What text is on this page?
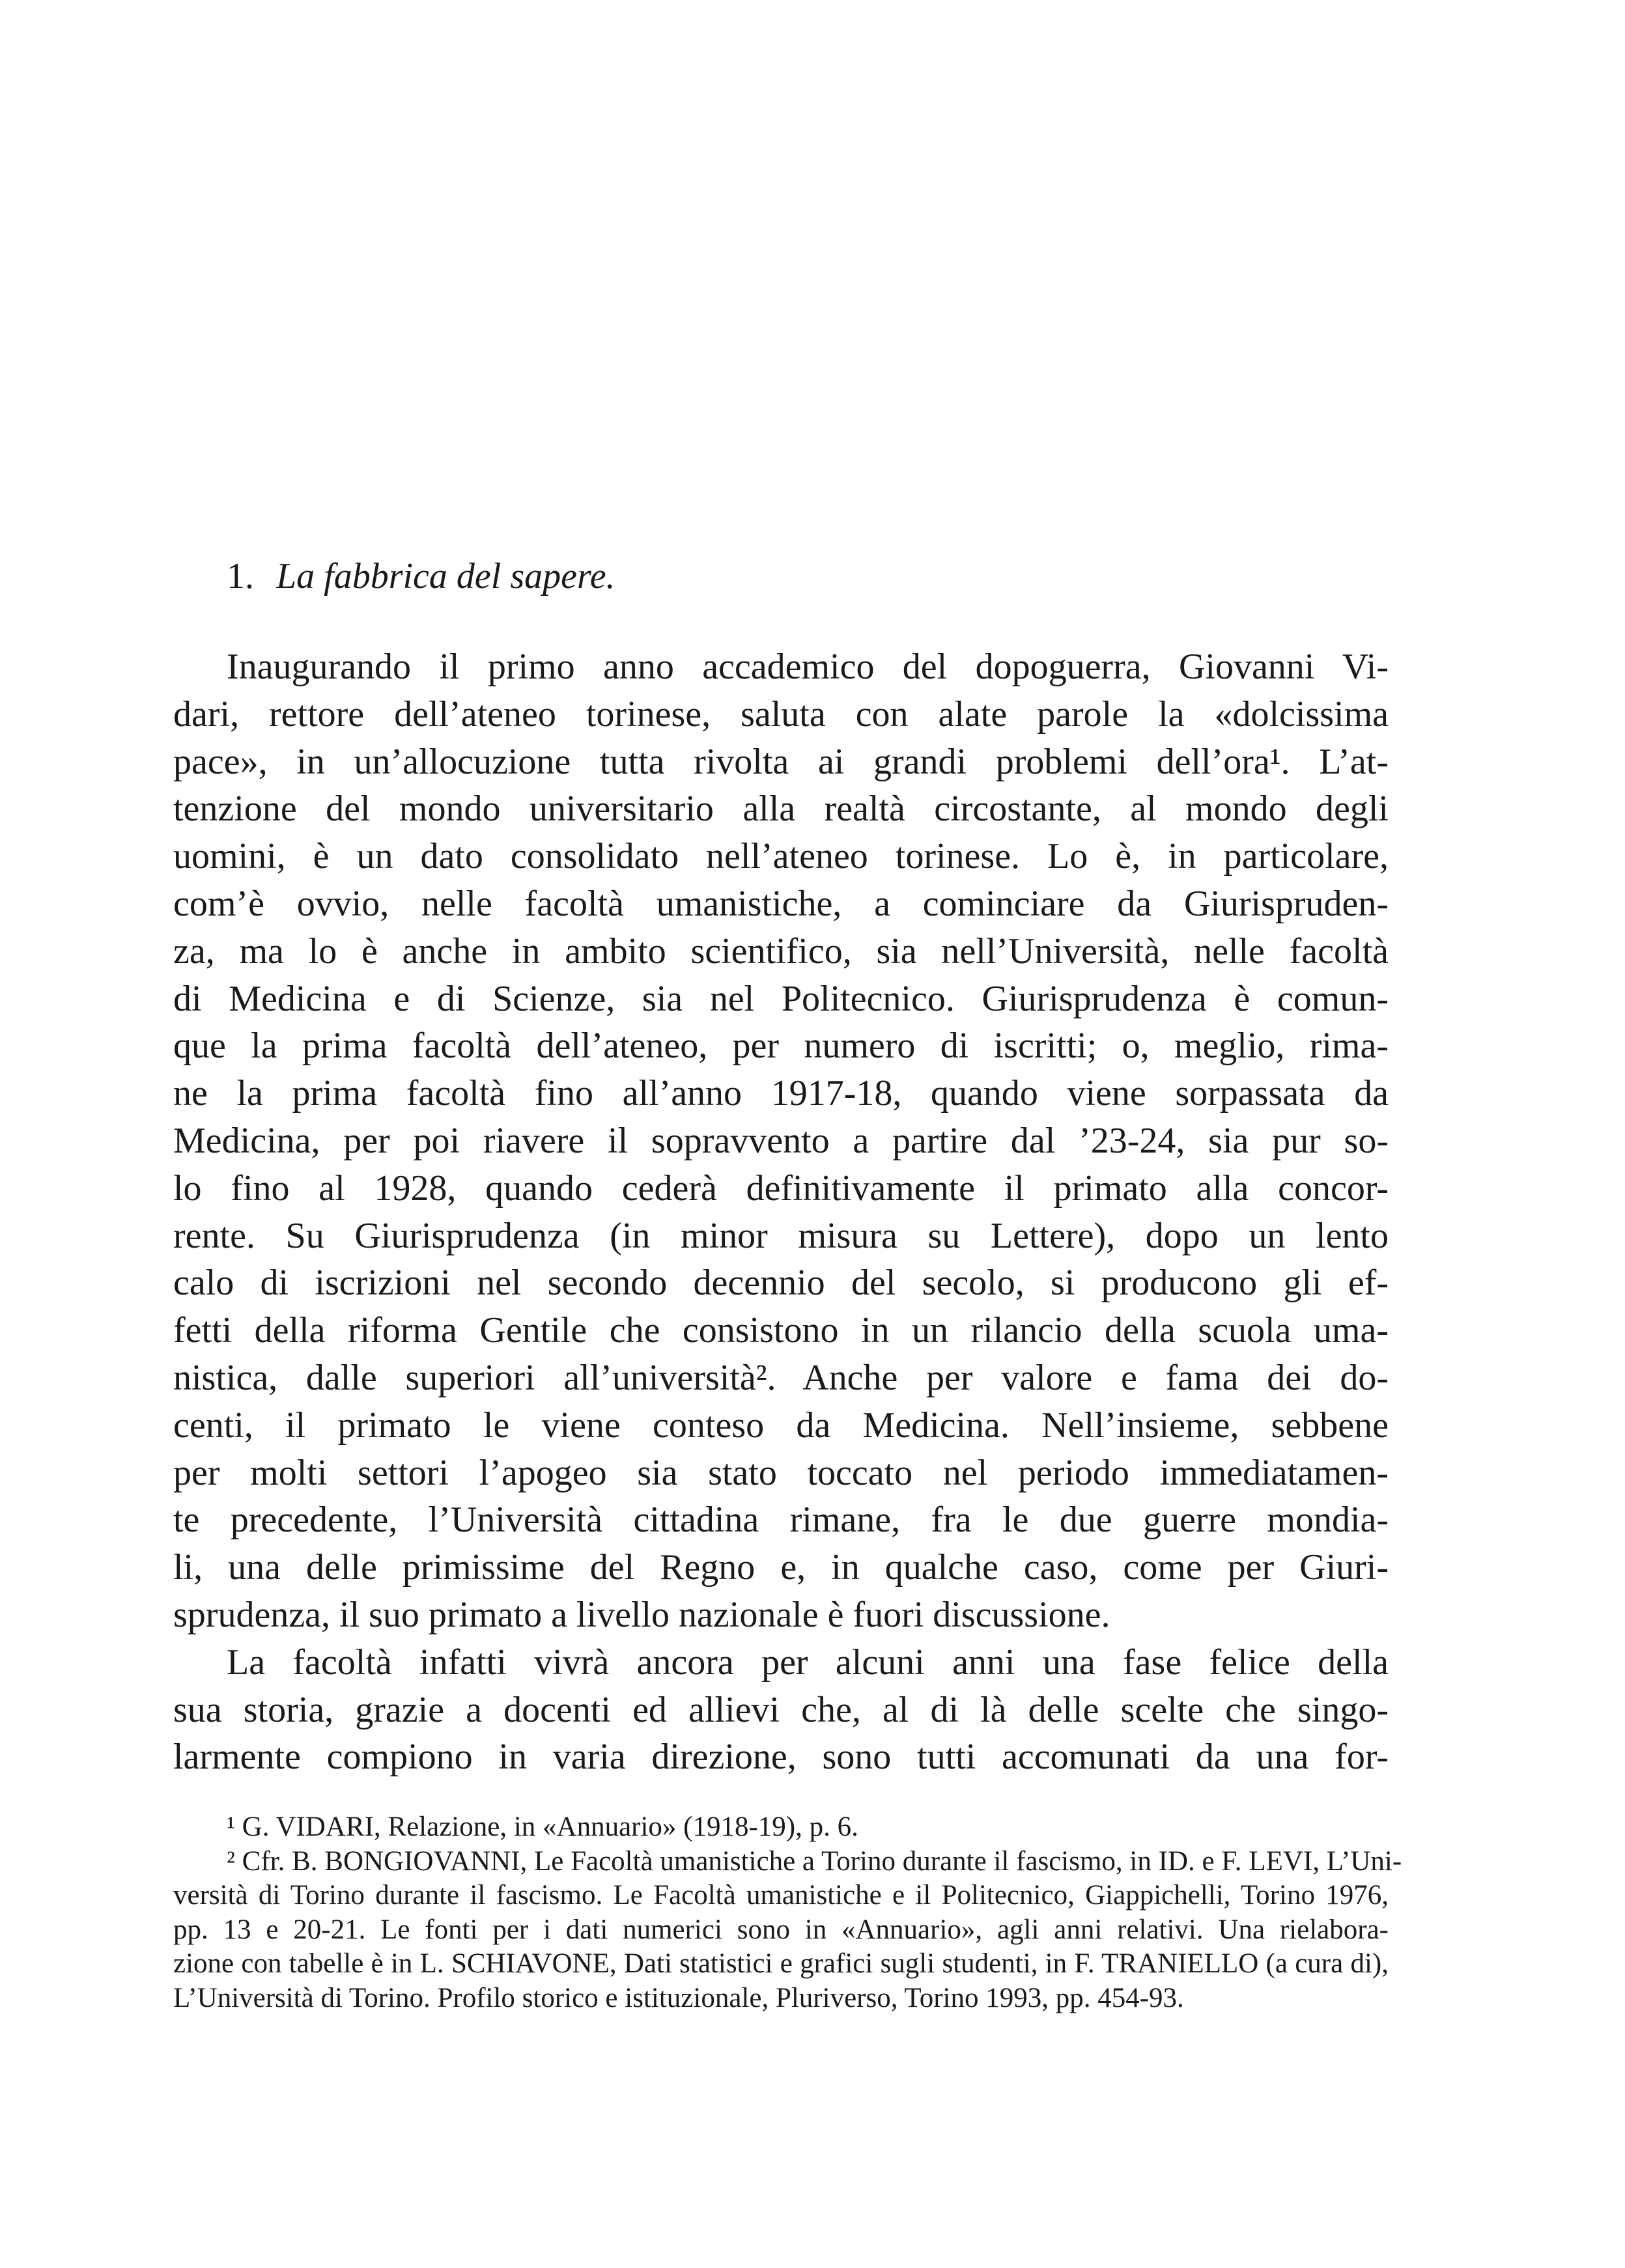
1. La fabbrica del sapere.
Inaugurando il primo anno accademico del dopoguerra, Giovanni Vi-
dari, rettore dell’ateneo torinese, saluta con alate parole la «dolcissima
pace», in un’allocuzione tutta rivolta ai grandi problemi dell’ora¹. L’at-
tenzione del mondo universitario alla realtà circostante, al mondo degli
uomini, è un dato consolidato nell’ateneo torinese. Lo è, in particolare,
com’è ovvio, nelle facoltà umanistiche, a cominciare da Giurispruden-
za, ma lo è anche in ambito scientifico, sia nell’Università, nelle facoltà
di Medicina e di Scienze, sia nel Politecnico. Giurisprudenza è comun-
que la prima facoltà dell’ateneo, per numero di iscritti; o, meglio, rima-
ne la prima facoltà fino all’anno 1917-18, quando viene sorpassata da
Medicina, per poi riavere il sopravvento a partire dal ’23-24, sia pur so-
lo fino al 1928, quando cederà definitivamente il primato alla concor-
rente. Su Giurisprudenza (in minor misura su Lettere), dopo un lento
calo di iscrizioni nel secondo decennio del secolo, si producono gli ef-
fetti della riforma Gentile che consistono in un rilancio della scuola uma-
nistica, dalle superiori all’università². Anche per valore e fama dei do-
centi, il primato le viene conteso da Medicina. Nell’insieme, sebbene
per molti settori l’apogeo sia stato toccato nel periodo immediatamen-
te precedente, l’Università cittadina rimane, fra le due guerre mondia-
li, una delle primissime del Regno e, in qualche caso, come per Giuri-
sprudenza, il suo primato a livello nazionale è fuori discussione.
La facoltà infatti vivrà ancora per alcuni anni una fase felice della
sua storia, grazie a docenti ed allievi che, al di là delle scelte che singo-
larmente compiono in varia direzione, sono tutti accomunati da una for-
¹ G. VIDARI, Relazione, in «Annuario» (1918-19), p. 6.
² Cfr. B. BONGIOVANNI, Le Facoltà umanistiche a Torino durante il fascismo, in ID. e F. LEVI, L’Uni-
versità di Torino durante il fascismo. Le Facoltà umanistiche e il Politecnico, Giappichelli, Torino 1976,
pp. 13 e 20-21. Le fonti per i dati numerici sono in «Annuario», agli anni relativi. Una rielabora-
zione con tabelle è in L. SCHIAVONE, Dati statistici e grafici sugli studenti, in F. TRANIELLO (a cura di),
L’Università di Torino. Profilo storico e istituzionale, Pluriverso, Torino 1993, pp. 454-93.
